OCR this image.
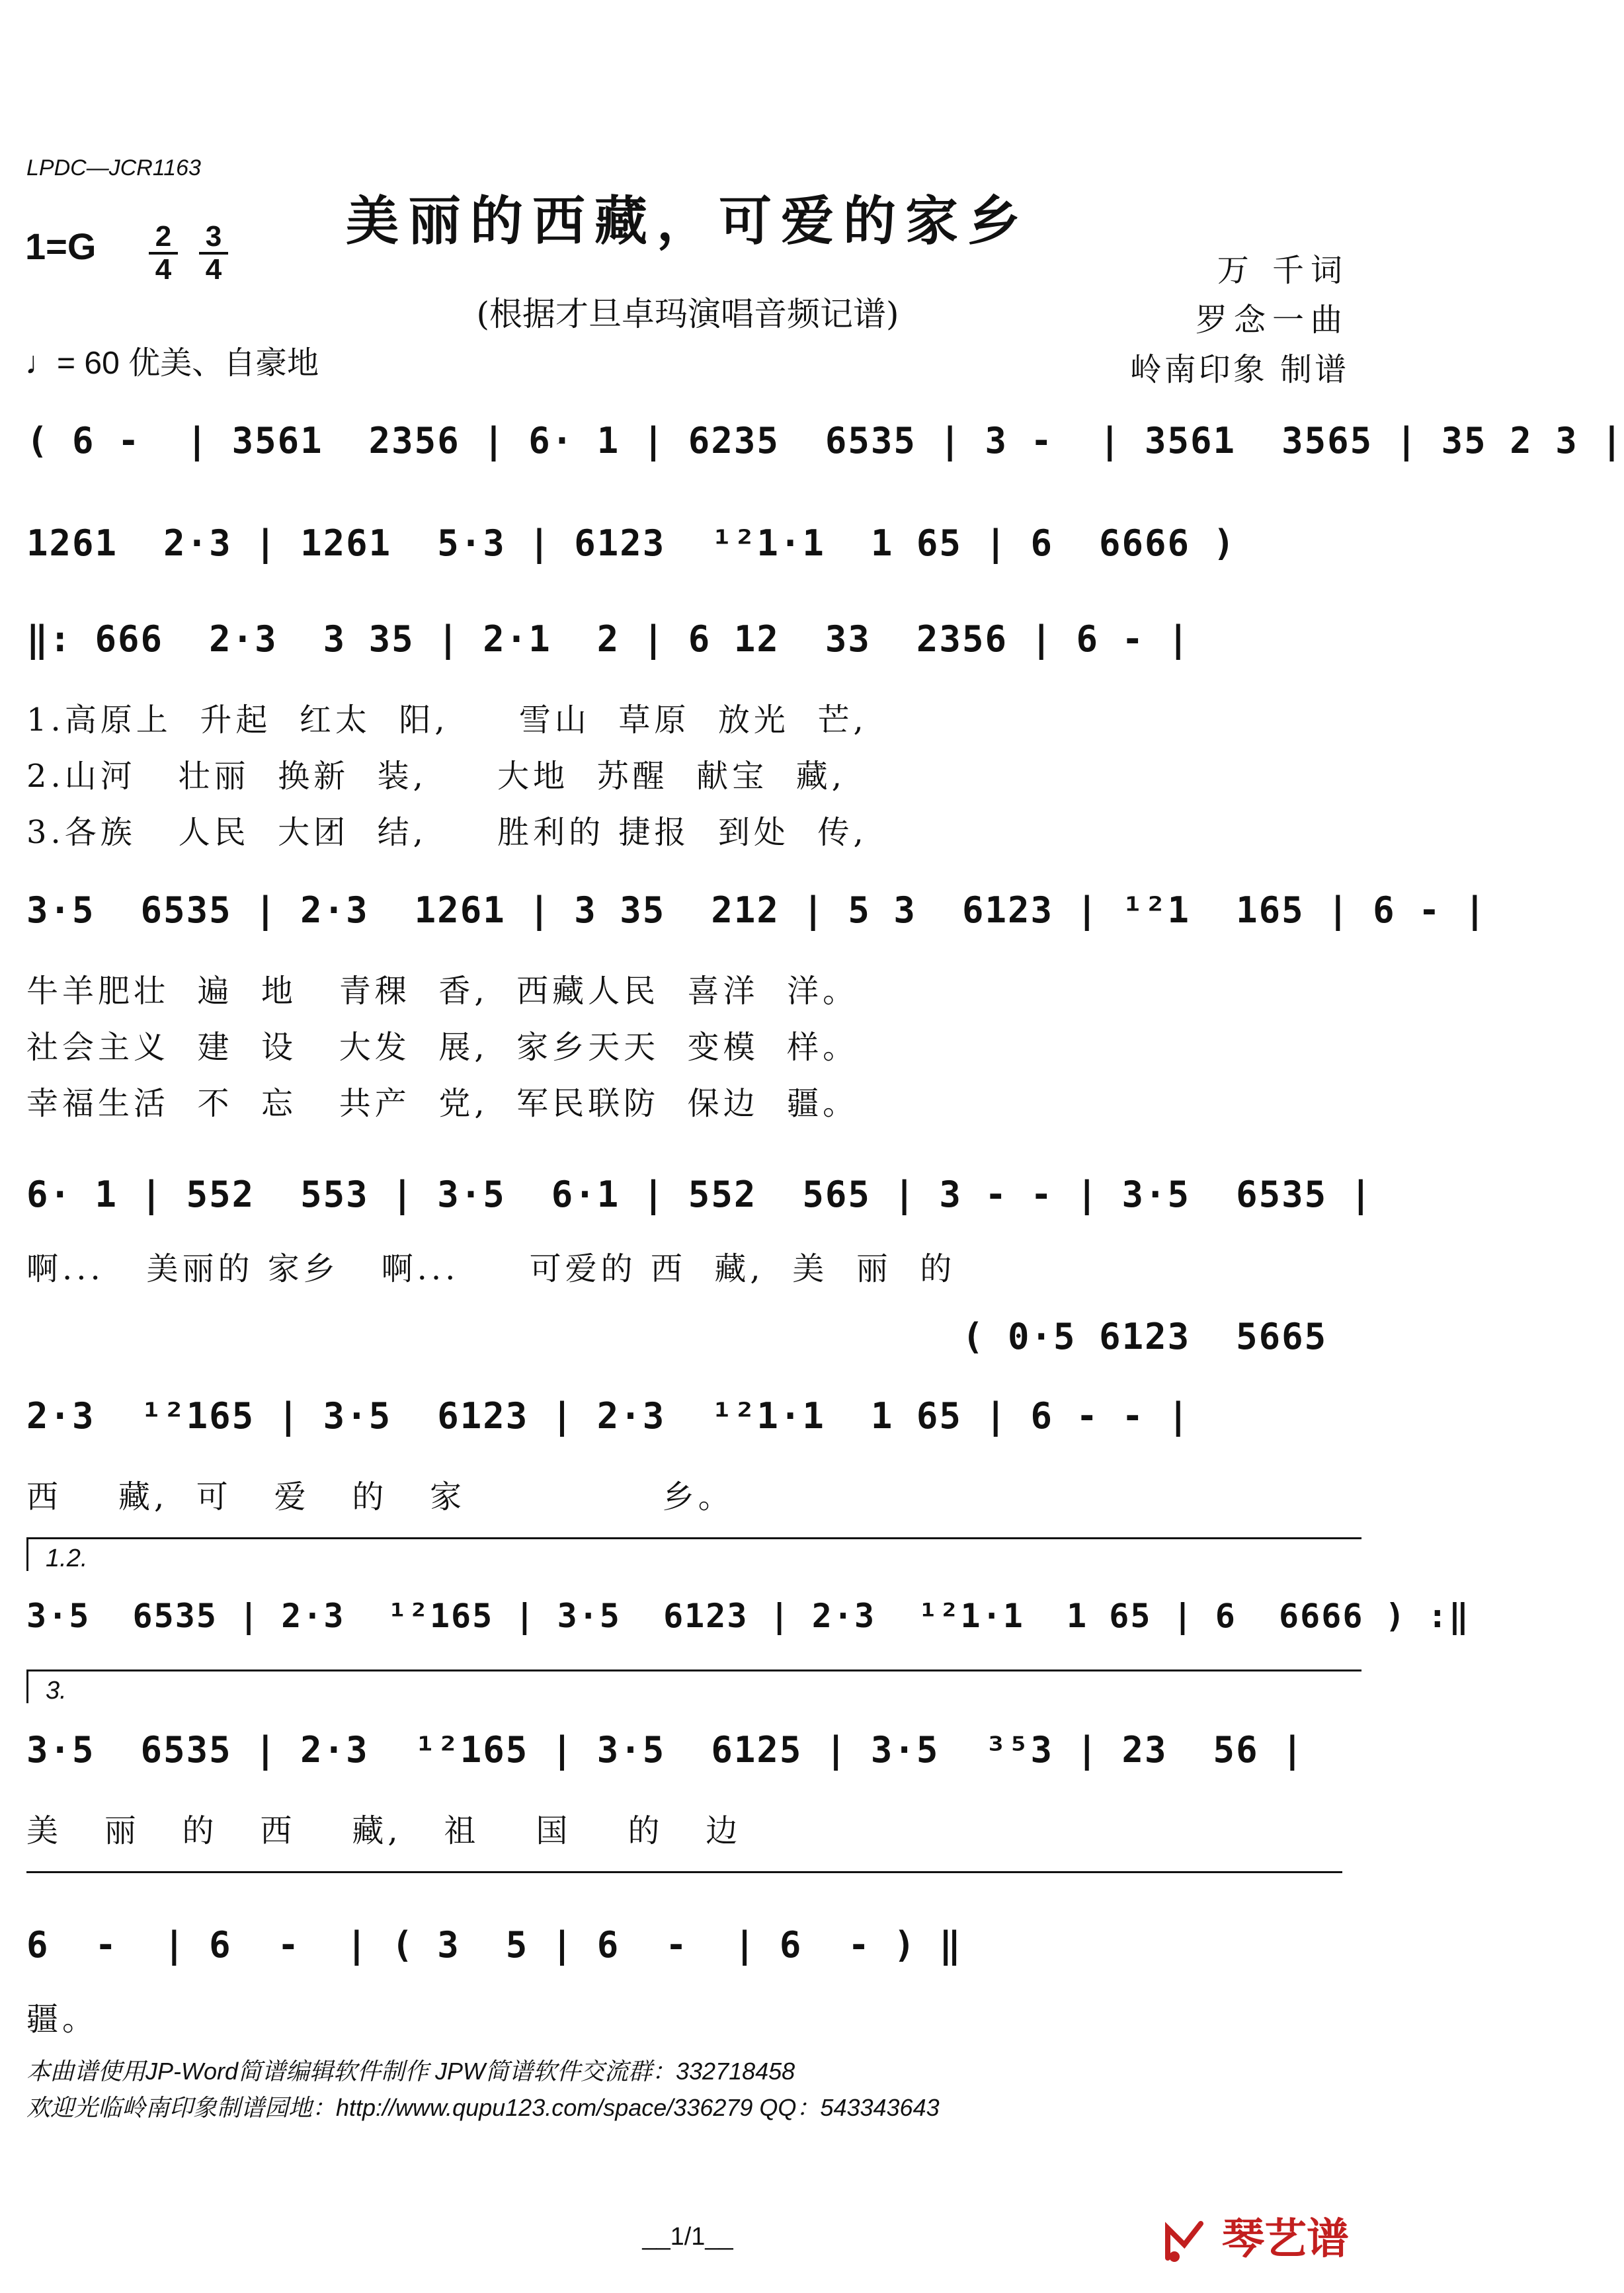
LPDC—JCR1163
美丽的西藏，可爱的家乡
1=G	2
4
3
4
(根据才旦卓玛演唱音频记谱)
♩= 60 优美、自豪地
万 千词
罗念一曲
岭南印象 制谱
( 6 -  | 3561  2356 | 6· 1 | 6235  6535 | 3 -  | 3561  3565 | 35 2 3 |
1261  2·3 | 1261  5·3 | 6123  ¹²1·1  1 65 | 6  6666 )
‖: 666  2·3  3 35 | 2·1  2 | 6 12  33  2356 | 6 - |
1.高原上  升起  红太  阳,     雪山  草原  放光  芒,
2.山河   壮丽  换新  装,     大地  苏醒  献宝  藏,
3.各族   人民  大团  结,     胜利的 捷报  到处  传,
3·5  6535 | 2·3  1261 | 3 35  212 | 5 3  6123 | ¹²1  165 | 6 - |
牛羊肥壮  遍  地   青稞  香,  西藏人民  喜洋  洋。
社会主义  建  设   大发  展,  家乡天天  变模  样。
幸福生活  不  忘   共产  党,  军民联防  保边  疆。
6· 1 | 552  553 | 3·5  6·1 | 552  565 | 3 - - | 3·5  6535 |
啊...   美丽的 家乡   啊...     可爱的 西  藏,  美  丽  的
( 0·5 6123  5665
2·3  ¹²165 | 3·5  6123 | 2·3  ¹²1·1  1 65 | 6 - - |
西    藏,  可   爱   的   家              乡。
1.2.
3·5  6535 | 2·3  ¹²165 | 3·5  6123 | 2·3  ¹²1·1  1 65 | 6  6666 ) :‖
3.
3·5  6535 | 2·3  ¹²165 | 3·5  6125 | 3·5  ³⁵3 | 23  56 |
美   丽   的   西    藏,   祖    国    的   边
6  -  | 6  -  | ( 3  5 | 6  -  | 6  - ) ‖
疆。
本曲谱使用JP-Word简谱编辑软件制作 JPW简谱软件交流群：332718458
欢迎光临岭南印象制谱园地：http://www.qupu123.com/space/336279 QQ：543343643
__1/1__	琴艺谱
